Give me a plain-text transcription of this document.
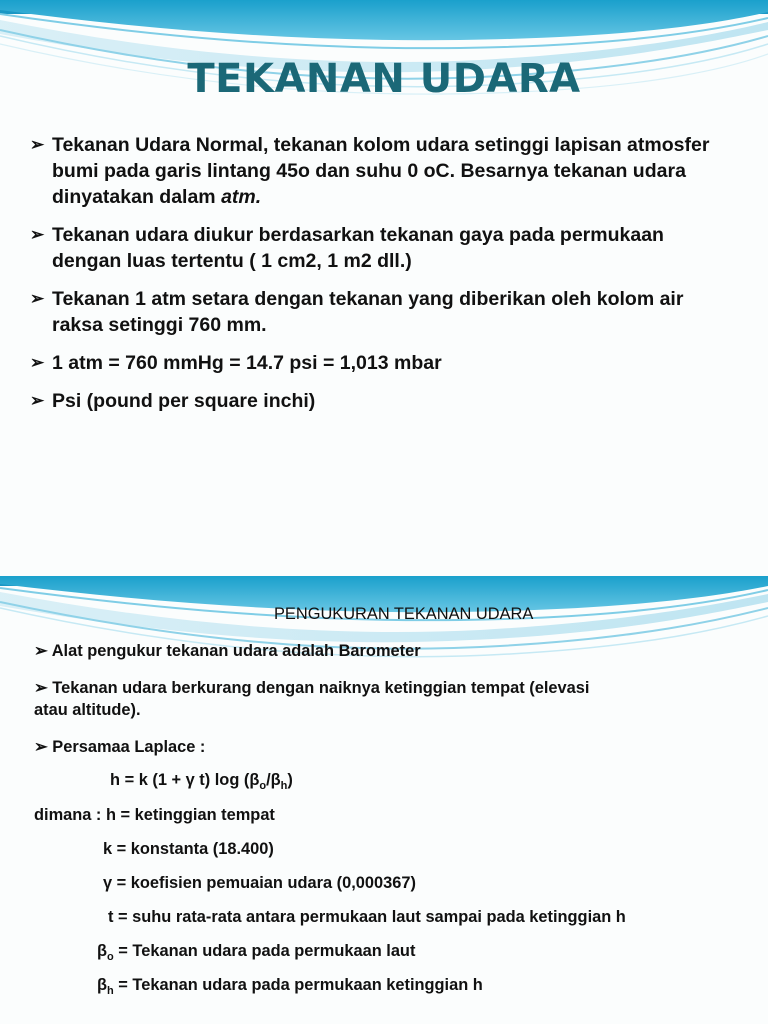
TEKANAN UDARA
➢ Tekanan Udara Normal, tekanan kolom udara setinggi lapisan atmosfer bumi pada garis lintang 45o dan suhu 0 oC. Besarnya tekanan udara dinyatakan dalam atm.
➢ Tekanan udara diukur berdasarkan tekanan gaya pada permukaan dengan luas tertentu ( 1 cm2, 1 m2 dll.)
➢ Tekanan 1 atm setara dengan tekanan yang diberikan oleh kolom air raksa setinggi 760 mm.
➢ 1 atm = 760 mmHg = 14.7 psi = 1,013 mbar
➢ Psi (pound per square inchi)
PENGUKURAN TEKANAN UDARA
➢ Alat pengukur tekanan udara adalah Barometer
➢ Tekanan udara berkurang dengan naiknya ketinggian tempat (elevasi
atau altitude).
➢ Persamaa Laplace :
h = k (1 + γ t) $\log (\beta_o/\beta_h)$
dimana : h = ketinggian tempat
k = konstanta (18.400)
γ = koefisien pemuaian udara (0,000367)
t = suhu rata-rata antara permukaan laut sampai pada ketinggian h
$\beta_o$ = Tekanan udara pada permukaan laut
$\beta_h$ = Tekanan udara pada permukaan ketinggian h
